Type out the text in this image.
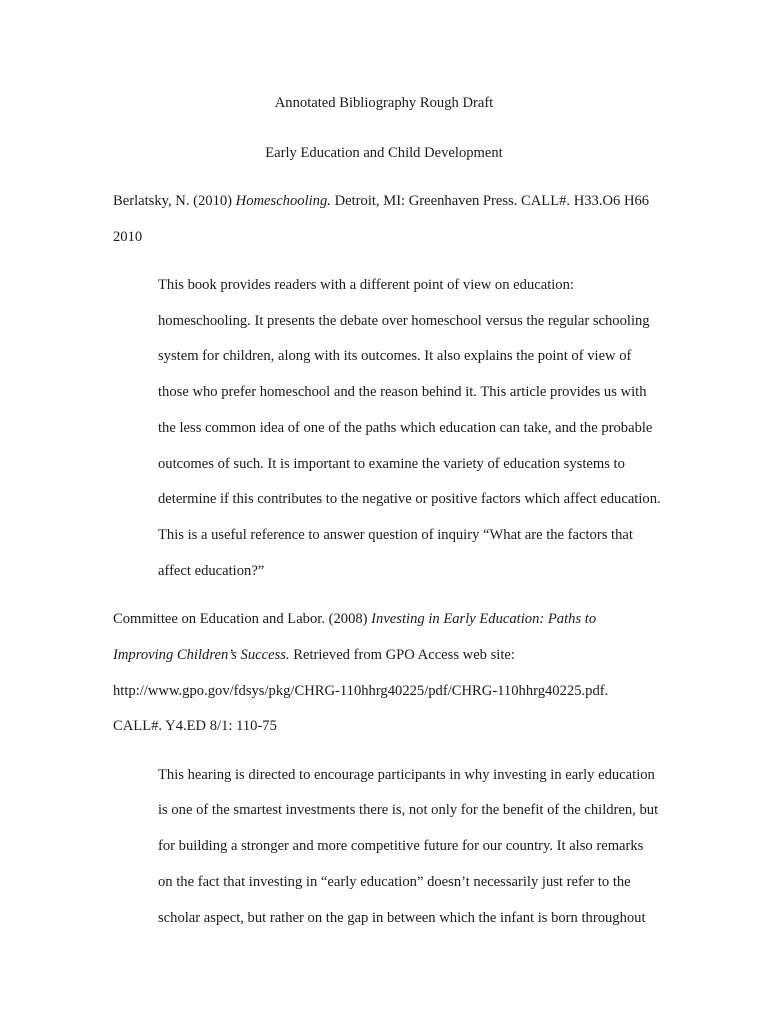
Annotated Bibliography Rough Draft
Early Education and Child Development
Berlatsky, N. (2010) Homeschooling. Detroit, MI: Greenhaven Press. CALL#. H33.O6 H66
2010
This book provides readers with a different point of view on education:
homeschooling. It presents the debate over homeschool versus the regular schooling
system for children, along with its outcomes. It also explains the point of view of
those who prefer homeschool and the reason behind it. This article provides us with
the less common idea of one of the paths which education can take, and the probable
outcomes of such. It is important to examine the variety of education systems to
determine if this contributes to the negative or positive factors which affect education.
This is a useful reference to answer question of inquiry “What are the factors that
affect education?”
Committee on Education and Labor. (2008) Investing in Early Education: Paths to
Improving Children’s Success. Retrieved from GPO Access web site:
http://www.gpo.gov/fdsys/pkg/CHRG-110hhrg40225/pdf/CHRG-110hhrg40225.pdf.
CALL#. Y4.ED 8/1: 110-75
This hearing is directed to encourage participants in why investing in early education
is one of the smartest investments there is, not only for the benefit of the children, but
for building a stronger and more competitive future for our country. It also remarks
on the fact that investing in “early education” doesn’t necessarily just refer to the
scholar aspect, but rather on the gap in between which the infant is born throughout
